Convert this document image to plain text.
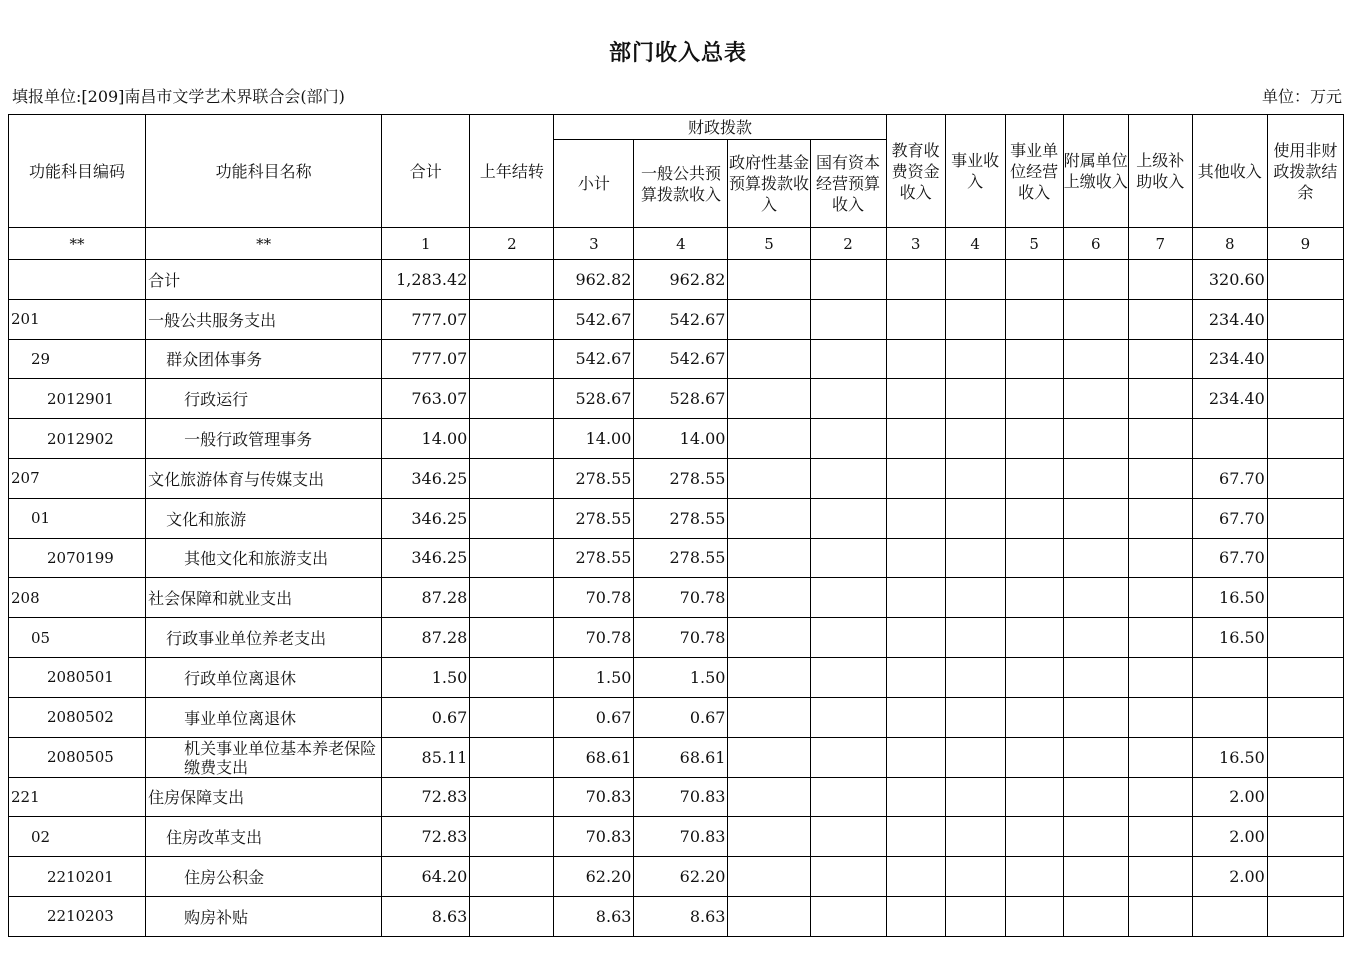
部门收入总表
填报单位:[209]南昌市文学艺术界联合会(部门)	单位：万元
功能科目编码	功能科目名称	合计	上年结转	财政拨款				教育收费资金收入	事业收入	事业单位经营收入	附属单位上缴收入	上级补助收入	其他收入	使用非财政拨款结余
				小计	一般公共预算拨款收入	政府性基金预算拨款收入	国有资本经营预算收入							
**	**	1	2	3	4	5	2	3	4	5	6	7	8	9
	合计	1,283.42		962.82	962.82								320.60	
201	一般公共服务支出	777.07		542.67	542.67								234.40	
29	群众团体事务	777.07		542.67	542.67								234.40	
2012901	行政运行	763.07		528.67	528.67								234.40	
2012902	一般行政管理事务	14.00		14.00	14.00									
207	文化旅游体育与传媒支出	346.25		278.55	278.55								67.70	
01	文化和旅游	346.25		278.55	278.55								67.70	
2070199	其他文化和旅游支出	346.25		278.55	278.55								67.70	
208	社会保障和就业支出	87.28		70.78	70.78								16.50	
05	行政事业单位养老支出	87.28		70.78	70.78								16.50	
2080501	行政单位离退休	1.50		1.50	1.50									
2080502	事业单位离退休	0.67		0.67	0.67									
2080505	机关事业单位基本养老保险缴费支出	85.11		68.61	68.61								16.50	
221	住房保障支出	72.83		70.83	70.83								2.00	
02	住房改革支出	72.83		70.83	70.83								2.00	
2210201	住房公积金	64.20		62.20	62.20								2.00	
2210203	购房补贴	8.63		8.63	8.63									
